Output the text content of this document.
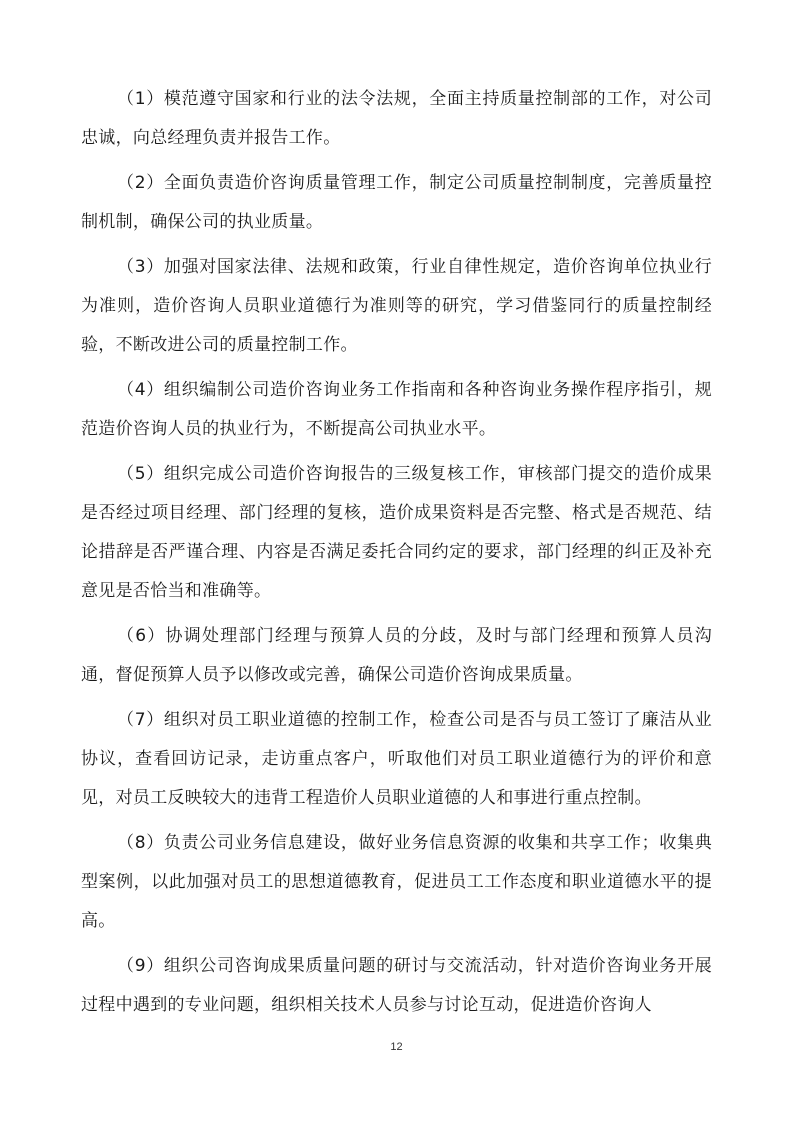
（1）模范遵守国家和行业的法令法规，全面主持质量控制部的工作，对公司忠诚，向总经理负责并报告工作。

（2）全面负责造价咨询质量管理工作，制定公司质量控制制度，完善质量控制机制，确保公司的执业质量。

（3）加强对国家法律、法规和政策，行业自律性规定，造价咨询单位执业行为准则，造价咨询人员职业道德行为准则等的研究，学习借鉴同行的质量控制经验，不断改进公司的质量控制工作。

（4）组织编制公司造价咨询业务工作指南和各种咨询业务操作程序指引，规范造价咨询人员的执业行为，不断提高公司执业水平。

（5）组织完成公司造价咨询报告的三级复核工作，审核部门提交的造价成果是否经过项目经理、部门经理的复核，造价成果资料是否完整、格式是否规范、结论措辞是否严谨合理、内容是否满足委托合同约定的要求，部门经理的纠正及补充意见是否恰当和准确等。

（6）协调处理部门经理与预算人员的分歧，及时与部门经理和预算人员沟通，督促预算人员予以修改或完善，确保公司造价咨询成果质量。

（7）组织对员工职业道德的控制工作，检查公司是否与员工签订了廉洁从业协议，查看回访记录，走访重点客户，听取他们对员工职业道德行为的评价和意见，对员工反映较大的违背工程造价人员职业道德的人和事进行重点控制。

（8）负责公司业务信息建设，做好业务信息资源的收集和共享工作；收集典型案例，以此加强对员工的思想道德教育，促进员工工作态度和职业道德水平的提高。

（9）组织公司咨询成果质量问题的研讨与交流活动，针对造价咨询业务开展过程中遇到的专业问题，组织相关技术人员参与讨论互动，促进造价咨询人

12
